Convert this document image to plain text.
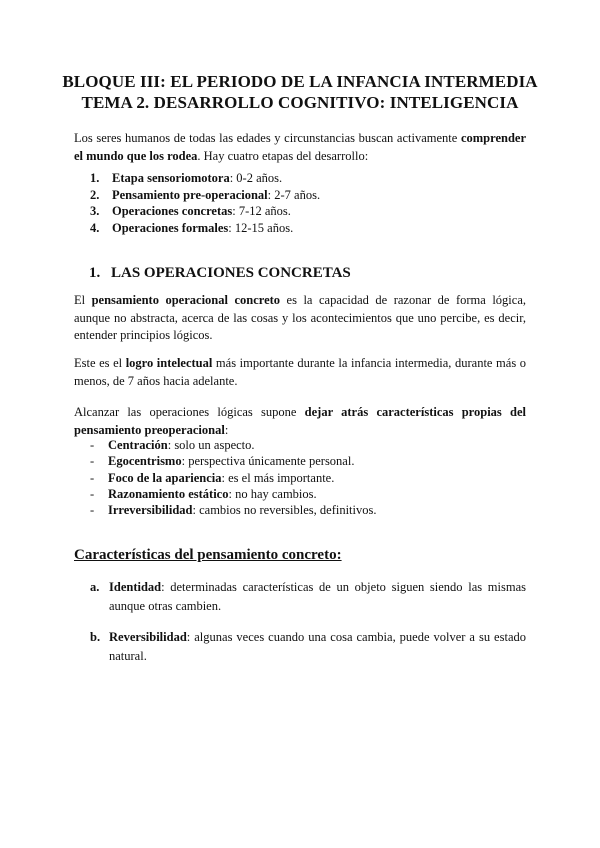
BLOQUE III: EL PERIODO DE LA INFANCIA INTERMEDIA
TEMA 2. DESARROLLO COGNITIVO: INTELIGENCIA
Los seres humanos de todas las edades y circunstancias buscan activamente comprender el mundo que los rodea. Hay cuatro etapas del desarrollo:
1. Etapa sensoriomotora: 0-2 años.
2. Pensamiento pre-operacional: 2-7 años.
3. Operaciones concretas: 7-12 años.
4. Operaciones formales: 12-15 años.
1. LAS OPERACIONES CONCRETAS
El pensamiento operacional concreto es la capacidad de razonar de forma lógica, aunque no abstracta, acerca de las cosas y los acontecimientos que uno percibe, es decir, entender principios lógicos.
Este es el logro intelectual más importante durante la infancia intermedia, durante más o menos, de 7 años hacia adelante.
Alcanzar las operaciones lógicas supone dejar atrás características propias del pensamiento preoperacional:
- Centración: solo un aspecto.
- Egocentrismo: perspectiva únicamente personal.
- Foco de la apariencia: es el más importante.
- Razonamiento estático: no hay cambios.
- Irreversibilidad: cambios no reversibles, definitivos.
Características del pensamiento concreto:
a. Identidad: determinadas características de un objeto siguen siendo las mismas aunque otras cambien.
b. Reversibilidad: algunas veces cuando una cosa cambia, puede volver a su estado natural.
